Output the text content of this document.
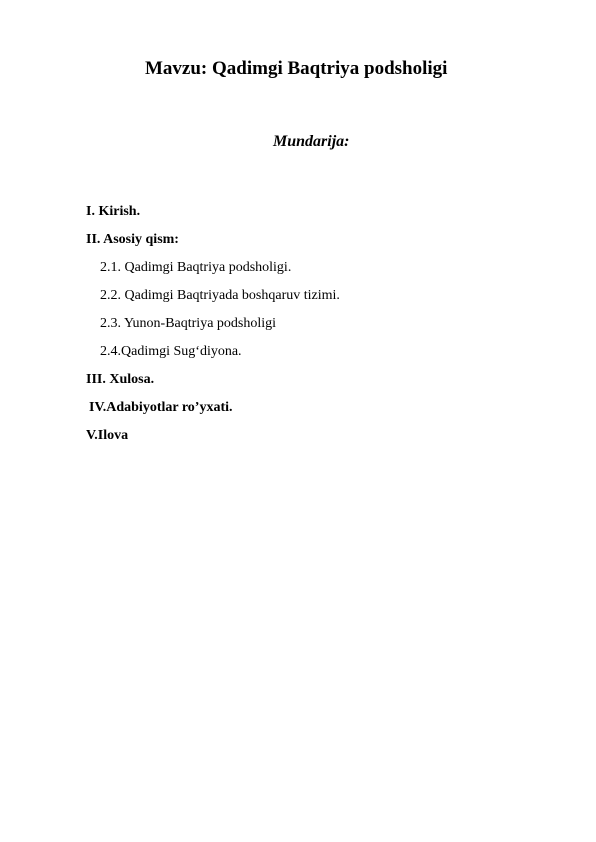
Mavzu: Qadimgi Baqtriya podsholigi
Mundarija:
I. Kirish.
II. Asosiy qism:
2.1. Qadimgi Baqtriya podsholigi.
2.2. Qadimgi Baqtriyada boshqaruv tizimi.
2.3. Yunon-Baqtriya podsholigi
2.4.Qadimgi Sug‘diyona.
III. Xulosa.
IV.Adabiyotlar ro’yxati.
V.Ilova
